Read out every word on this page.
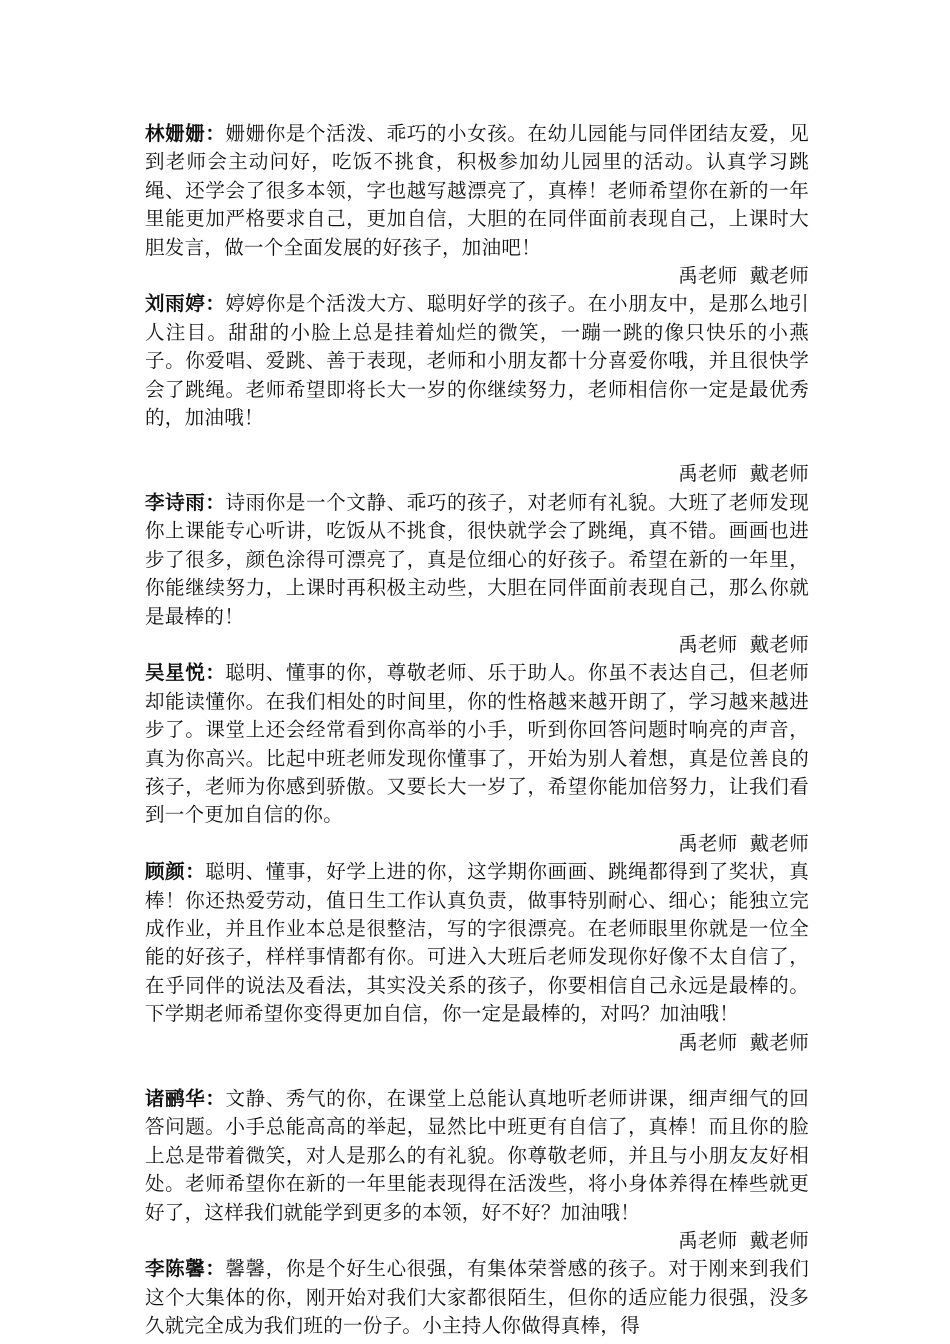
林姗姗：姗姗你是个活泼、乖巧的小女孩。在幼儿园能与同伴团结友爱，见到老师会主动问好，吃饭不挑食，积极参加幼儿园里的活动。认真学习跳绳、还学会了很多本领，字也越写越漂亮了，真棒！老师希望你在新的一年里能更加严格要求自己，更加自信，大胆的在同伴面前表现自己，上课时大胆发言，做一个全面发展的好孩子，加油吧！

禹老师 戴老师

刘雨婷：婷婷你是个活泼大方、聪明好学的孩子。在小朋友中，是那么地引人注目。甜甜的小脸上总是挂着灿烂的微笑，一蹦一跳的像只快乐的小燕子。你爱唱、爱跳、善于表现，老师和小朋友都十分喜爱你哦，并且很快学会了跳绳。老师希望即将长大一岁的你继续努力，老师相信你一定是最优秀的，加油哦！

禹老师 戴老师

李诗雨：诗雨你是一个文静、乖巧的孩子，对老师有礼貌。大班了老师发现你上课能专心听讲，吃饭从不挑食，很快就学会了跳绳，真不错。画画也进步了很多，颜色涂得可漂亮了，真是位细心的好孩子。希望在新的一年里，你能继续努力，上课时再积极主动些，大胆在同伴面前表现自己，那么你就是最棒的！

禹老师 戴老师

吴星悦：聪明、懂事的你，尊敬老师、乐于助人。你虽不表达自己，但老师却能读懂你。在我们相处的时间里，你的性格越来越开朗了，学习越来越进步了。课堂上还会经常看到你高举的小手，听到你回答问题时响亮的声音，真为你高兴。比起中班老师发现你懂事了，开始为别人着想，真是位善良的孩子，老师为你感到骄傲。又要长大一岁了，希望你能加倍努力，让我们看到一个更加自信的你。

禹老师 戴老师

顾颜：聪明、懂事，好学上进的你，这学期你画画、跳绳都得到了奖状，真棒！你还热爱劳动，值日生工作认真负责，做事特别耐心、细心；能独立完成作业，并且作业本总是很整洁，写的字很漂亮。在老师眼里你就是一位全能的好孩子，样样事情都有你。可进入大班后老师发现你好像不太自信了，在乎同伴的说法及看法，其实没关系的孩子，你要相信自己永远是最棒的。下学期老师希望你变得更加自信，你一定是最棒的，对吗？加油哦！

禹老师 戴老师

诸鹂华：文静、秀气的你，在课堂上总能认真地听老师讲课，细声细气的回答问题。小手总能高高的举起，显然比中班更有自信了，真棒！而且你的脸上总是带着微笑，对人是那么的有礼貌。你尊敬老师，并且与小朋友友好相处。老师希望你在新的一年里能表现得在活泼些，将小身体养得在棒些就更好了，这样我们就能学到更多的本领，好不好？加油哦！

禹老师 戴老师

李陈馨：馨馨，你是个好生心很强，有集体荣誉感的孩子。对于刚来到我们这个大集体的你，刚开始对我们大家都很陌生，但你的适应能力很强，没多久就完全成为我们班的一份子。小主持人你做得真棒，得
